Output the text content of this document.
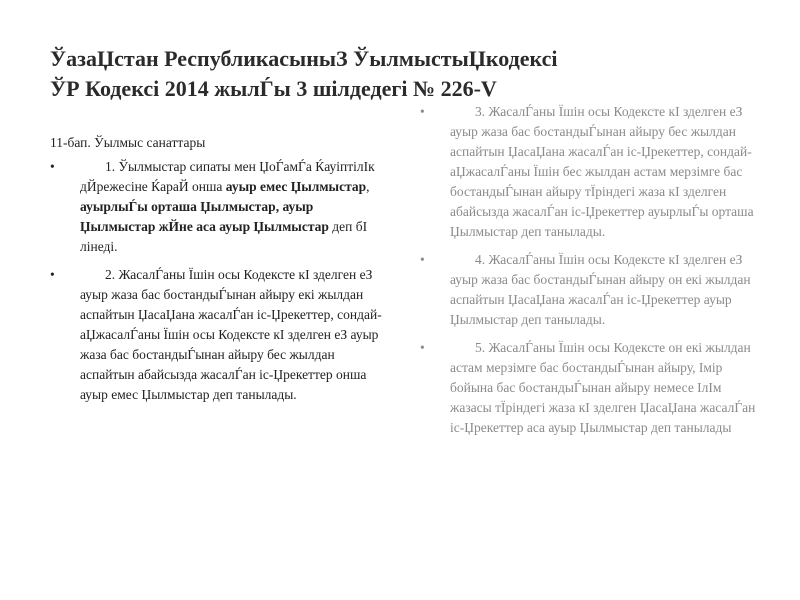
ЎазаЏстан РеспубликасыныЗ ЎылмыстыЏкодексі
ЎР Кодексі 2014 жылЃы 3 шілдедегі № 226-V
11-бап. Ўылмыс санаттары
•	1. Ўылмыстар сипаты мен ЏоЃамЃа ЌауіптілІк дЙрежесіне ЌараЙ онша ауыр емес Џылмыстар, ауырлыЃы орташа Џылмыстар, ауыр Џылмыстар жЙне аса ауыр Џылмыстар деп бІ лінеді.
•	2. ЖасалЃаны Їшін осы Кодексте кІ зделген еЗ ауыр жаза бас бостандыЃынан айыру екі жылдан аспайтын ЏасаЏана жасалЃан іс-Џрекеттер, сондай-аЏжасалЃаны Їшін осы Кодексте кІ зделген еЗ ауыр жаза бас бостандыЃынан айыру бес жылдан аспайтын абайсызда жасалЃан іс-Џрекеттер онша ауыр емес Џылмыстар деп танылады.
•	3. ЖасалЃаны Їшін осы Кодексте кІ зделген еЗ ауыр жаза бас бостандыЃынан айыру бес жылдан аспайтын ЏасаЏана жасалЃан іс-Џрекеттер, сондай-аЏжасалЃаны Їшін бес жылдан астам мерзімге бас бостандыЃынан айыру тЇріндегі жаза кІ зделген абайсызда жасалЃан іс-Џрекеттер ауырлыЃы орташа Џылмыстар деп танылады.
•	4. ЖасалЃаны Їшін осы Кодексте кІ зделген еЗ ауыр жаза бас бостандыЃынан айыру он екі жылдан аспайтын ЏасаЏана жасалЃан іс-Џрекеттер ауыр Џылмыстар деп танылады.
•	5. ЖасалЃаны Їшін осы Кодексте он екі жылдан астам мерзімге бас бостандыЃынан айыру, Імір бойына бас бостандыЃынан айыру немесе ІлІм жазасы тЇріндегі жаза кІ зделген ЏасаЏана жасалЃан іс-Џрекеттер аса ауыр Џылмыстар деп танылады
